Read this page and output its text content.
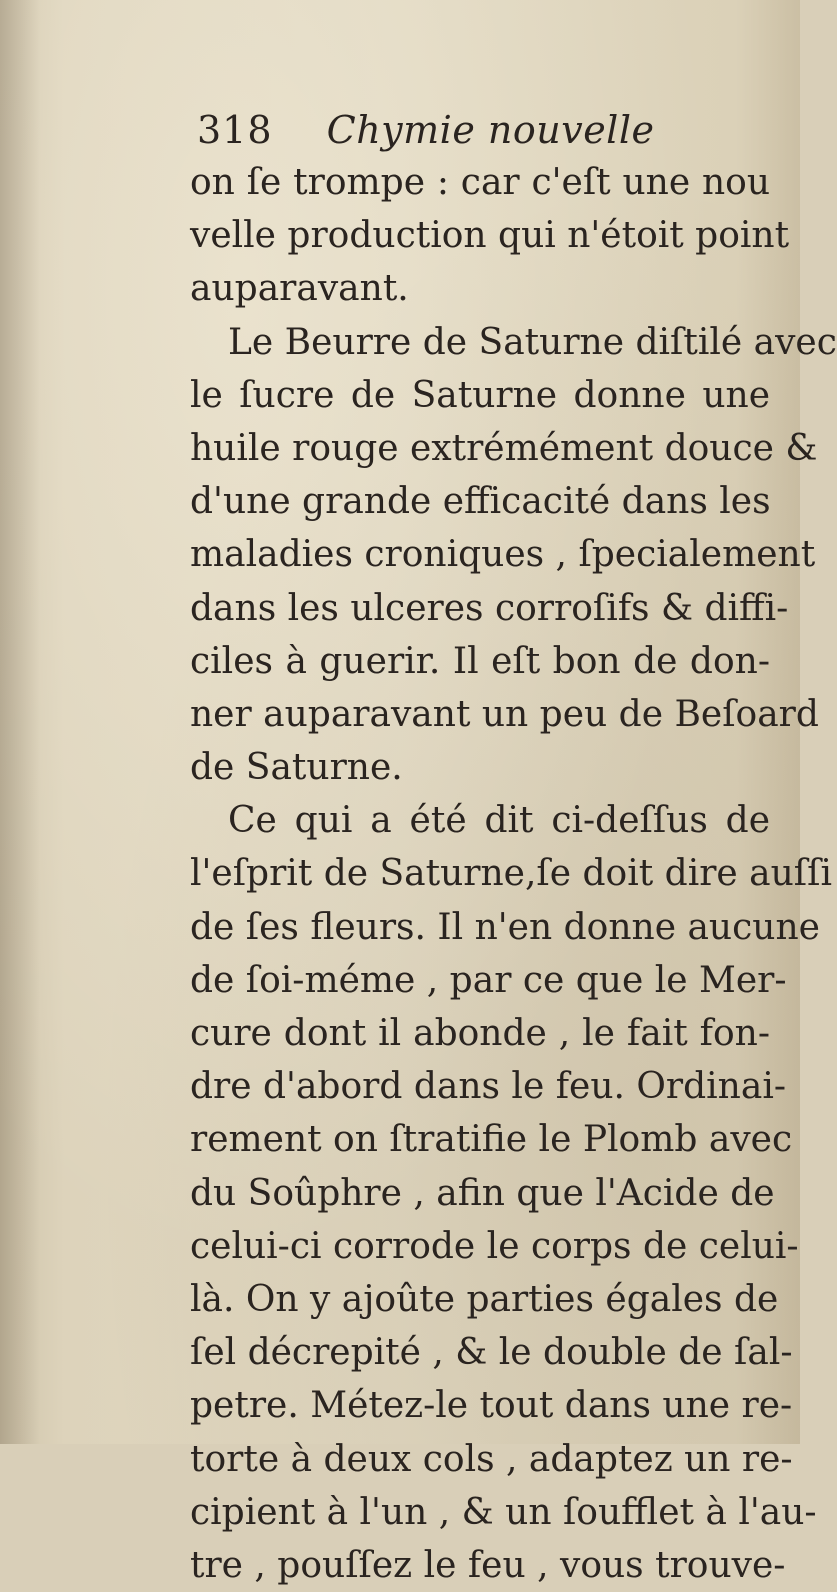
318 Chymie nouvelle
on ſe trompe : car c'eſt une nou
velle production qui n'étoit point
auparavant.
Le Beurre de Saturne diſtilé avec
le ſucre de Saturne donne une
huile rouge extrémément douce &
d'une grande efficacité dans les
maladies croniques , ſpecialement
dans les ulceres corroſifs & diffi-
ciles à guerir. Il eſt bon de don-
ner auparavant un peu de Beſoard
de Saturne.
Ce qui a été dit ci-deſſus de
l'eſprit de Saturne,ſe doit dire auſſi
de ſes fleurs. Il n'en donne aucune
de ſoi-méme , par ce que le Mer-
cure dont il abonde , le fait fon-
dre d'abord dans le feu. Ordinai-
rement on ſtratifie le Plomb avec
du Soûphre , afin que l'Acide de
celui-ci corrode le corps de celui-
là. On y ajoûte parties égales de
ſel décrepité , & le double de ſal-
petre. Métez-le tout dans une re-
torte à deux cols , adaptez un re-
cipient à l'un , & un ſoufflet à l'au-
tre , pouſſez le feu , vous trouve-
